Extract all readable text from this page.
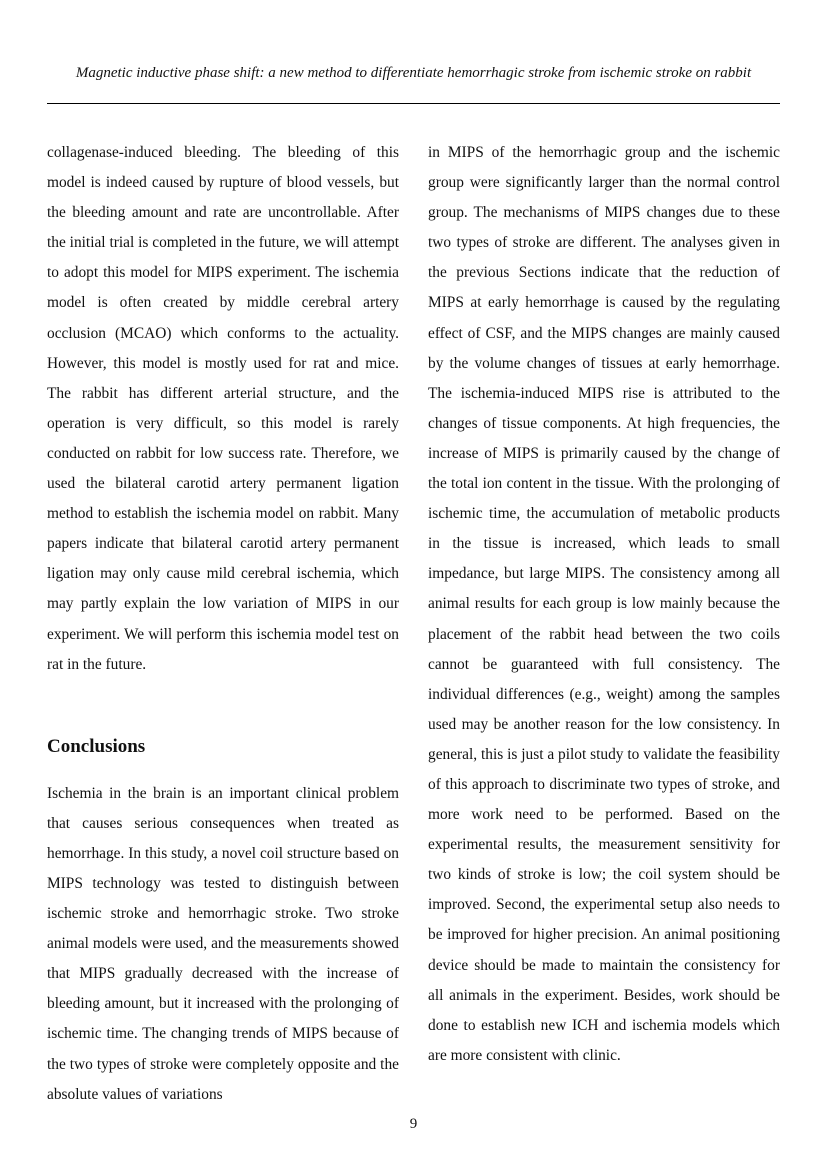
Magnetic inductive phase shift: a new method to differentiate hemorrhagic stroke from ischemic stroke on rabbit

collagenase-induced bleeding. The bleeding of this model is indeed caused by rupture of blood vessels, but the bleeding amount and rate are uncontrollable. After the initial trial is completed in the future, we will attempt to adopt this model for MIPS experiment. The ischemia model is often created by middle cerebral artery occlusion (MCAO) which conforms to the actuality. However, this model is mostly used for rat and mice. The rabbit has different arterial structure, and the operation is very difficult, so this model is rarely conducted on rabbit for low success rate. Therefore, we used the bilateral carotid artery permanent ligation method to establish the ischemia model on rabbit. Many papers indicate that bilateral carotid artery permanent ligation may only cause mild cerebral ischemia, which may partly explain the low variation of MIPS in our experiment. We will perform this ischemia model test on rat in the future.

Conclusions

Ischemia in the brain is an important clinical problem that causes serious consequences when treated as hemorrhage. In this study, a novel coil structure based on MIPS technology was tested to distinguish between ischemic stroke and hemorrhagic stroke. Two stroke animal models were used, and the measurements showed that MIPS gradually decreased with the increase of bleeding amount, but it increased with the prolonging of ischemic time. The changing trends of MIPS because of the two types of stroke were completely opposite and the absolute values of variations

in MIPS of the hemorrhagic group and the ischemic group were significantly larger than the normal control group. The mechanisms of MIPS changes due to these two types of stroke are different. The analyses given in the previous Sections indicate that the reduction of MIPS at early hemorrhage is caused by the regulating effect of CSF, and the MIPS changes are mainly caused by the volume changes of tissues at early hemorrhage. The ischemia-induced MIPS rise is attributed to the changes of tissue components. At high frequencies, the increase of MIPS is primarily caused by the change of the total ion content in the tissue. With the prolonging of ischemic time, the accumulation of metabolic products in the tissue is increased, which leads to small impedance, but large MIPS. The consistency among all animal results for each group is low mainly because the placement of the rabbit head between the two coils cannot be guaranteed with full consistency. The individual differences (e.g., weight) among the samples used may be another reason for the low consistency. In general, this is just a pilot study to validate the feasibility of this approach to discriminate two types of stroke, and more work need to be performed. Based on the experimental results, the measurement sensitivity for two kinds of stroke is low; the coil system should be improved. Second, the experimental setup also needs to be improved for higher precision. An animal positioning device should be made to maintain the consistency for all animals in the experiment. Besides, work should be done to establish new ICH and ischemia models which are more consistent with clinic.

9
